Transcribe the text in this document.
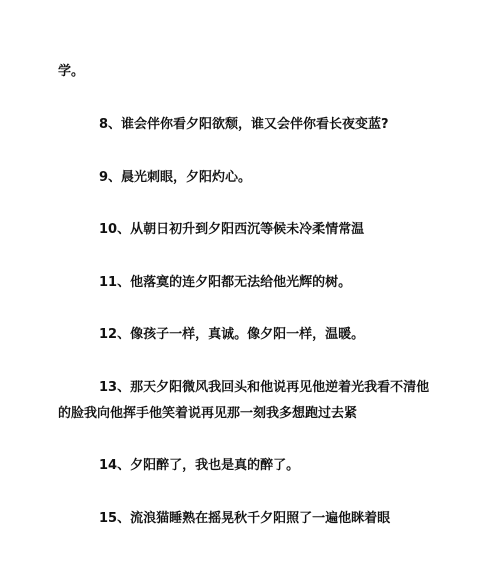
学。
8、谁会伴你看夕阳欲颓，谁又会伴你看长夜变蓝?
9、晨光刺眼，夕阳灼心。
10、从朝日初升到夕阳西沉等候未冷柔情常温
11、他落寞的连夕阳都无法给他光辉的树。
12、像孩子一样，真诚。像夕阳一样，温暖。
13、那天夕阳微风我回头和他说再见他逆着光我看不清他
的脸我向他挥手他笑着说再见那一刻我多想跑过去紧
14、夕阳醉了，我也是真的醉了。
15、流浪猫睡熟在摇晃秋千夕阳照了一遍他眯着眼
